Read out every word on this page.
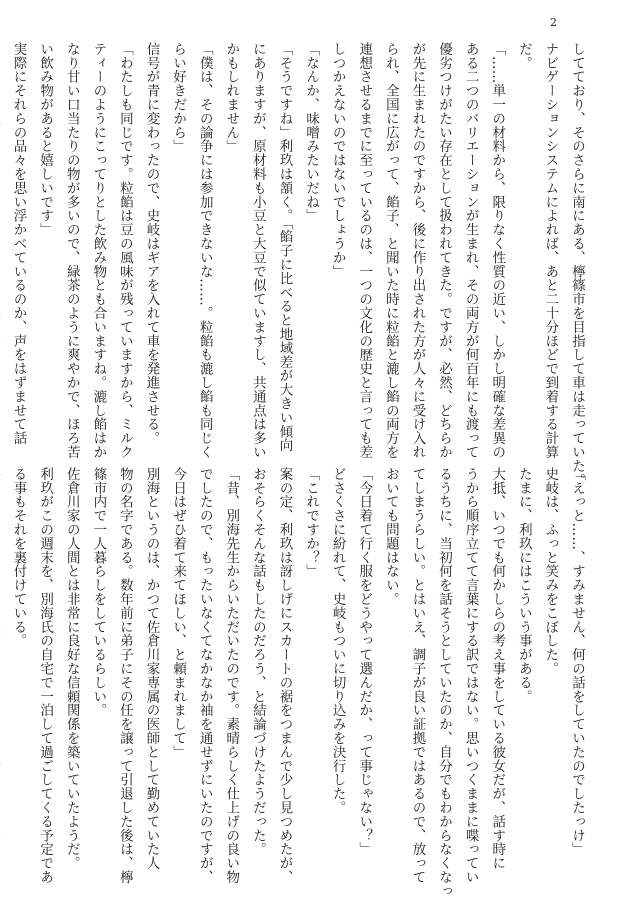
2
してており、そのさらに南にある、檸篠市を目指して車は走っていた。
ナビゲーションシステムによれば、あと二十分ほどで到着する計算
だ。
「……単一の材料から、限りなく性質の近い、しかし明確な差異の
ある二つのバリエーションが生まれ、その両方が何百年にも渡って
優劣つけがたい存在として扱われてきた。ですが、必然、どちらか
が先に生まれたのですから、後に作り出された方が人々に受け入れ
られ、全国に広がって、餡子、と聞いた時に粒餡と漉し餡の両方を
連想させるまでに至っているのは、一つの文化の歴史と言っても差
しつかえないのではないでしょうか」
「なんか、味噌みたいだね」
「そうですね」利玖は頷く。「餡子に比べると地域差が大きい傾向
にありますが、原材料も小豆と大豆で似ていますし、共通点は多い
かもしれません」
「僕は、その論争には参加できないな……。粒餡も漉し餡も同じく
らい好きだから」
信号が青に変わったので、史岐はギアを入れて車を発進させる。
「わたしも同じです。粒餡は豆の風味が残っていますから、ミルク
ティーのようにこってりとした飲み物とも合いますね。漉し餡はか
なり甘い口当たりの物が多いので、緑茶のように爽やかで、ほろ苦
い飲み物があると嬉しいです」
実際にそれらの品々を思い浮かべているのか、声をはずませて話
「えっと……、すみません、何の話をしていたのでしたっけ」
史岐は、ふっと笑みをこぼした。
たまに、利玖にはこういう事がある。
大抵、いつでも何かしらの考え事をしている彼女だが、話す時に
うから順序立てて言葉にする訳ではない。思いつくままに喋ってい
るうちに、当初何を話そうとしていたのか、自分でもわからなくなっ
てしまうらしい。とはいえ、調子が良い証拠ではあるので、放って
おいても問題はない。
「今日着て行く服をどうやって選んだか、って事じゃない？」
どさくさに紛れて、史岐もついに切り込みを決行した。
「これですか？」
案の定、利玖は訝しげにスカートの裾をつまんで少し見つめたが、
おそらくそんな話もしたのだろう、と結論づけたようだった。
「昔、別海先生からいただいたのです。素晴らしく仕上げの良い物
でしたので、もったいなくてなかなか袖を通せずにいたのですが、
今日はぜひ着て来てほしい、と頼まれまして」
別海というのは、かつて佐倉川家専属の医師として勤めていた人
物の名字である。数年前に弟子にその任を譲って引退した後は、檸
篠市内で一人暮らしをしているらしい。
佐倉川家の人間とは非常に良好な信頼関係を築いていたようだ。
利玖がこの週末を、別海氏の自宅で一泊して過ごしてくる予定であ
る事もそれを裏付けている。
